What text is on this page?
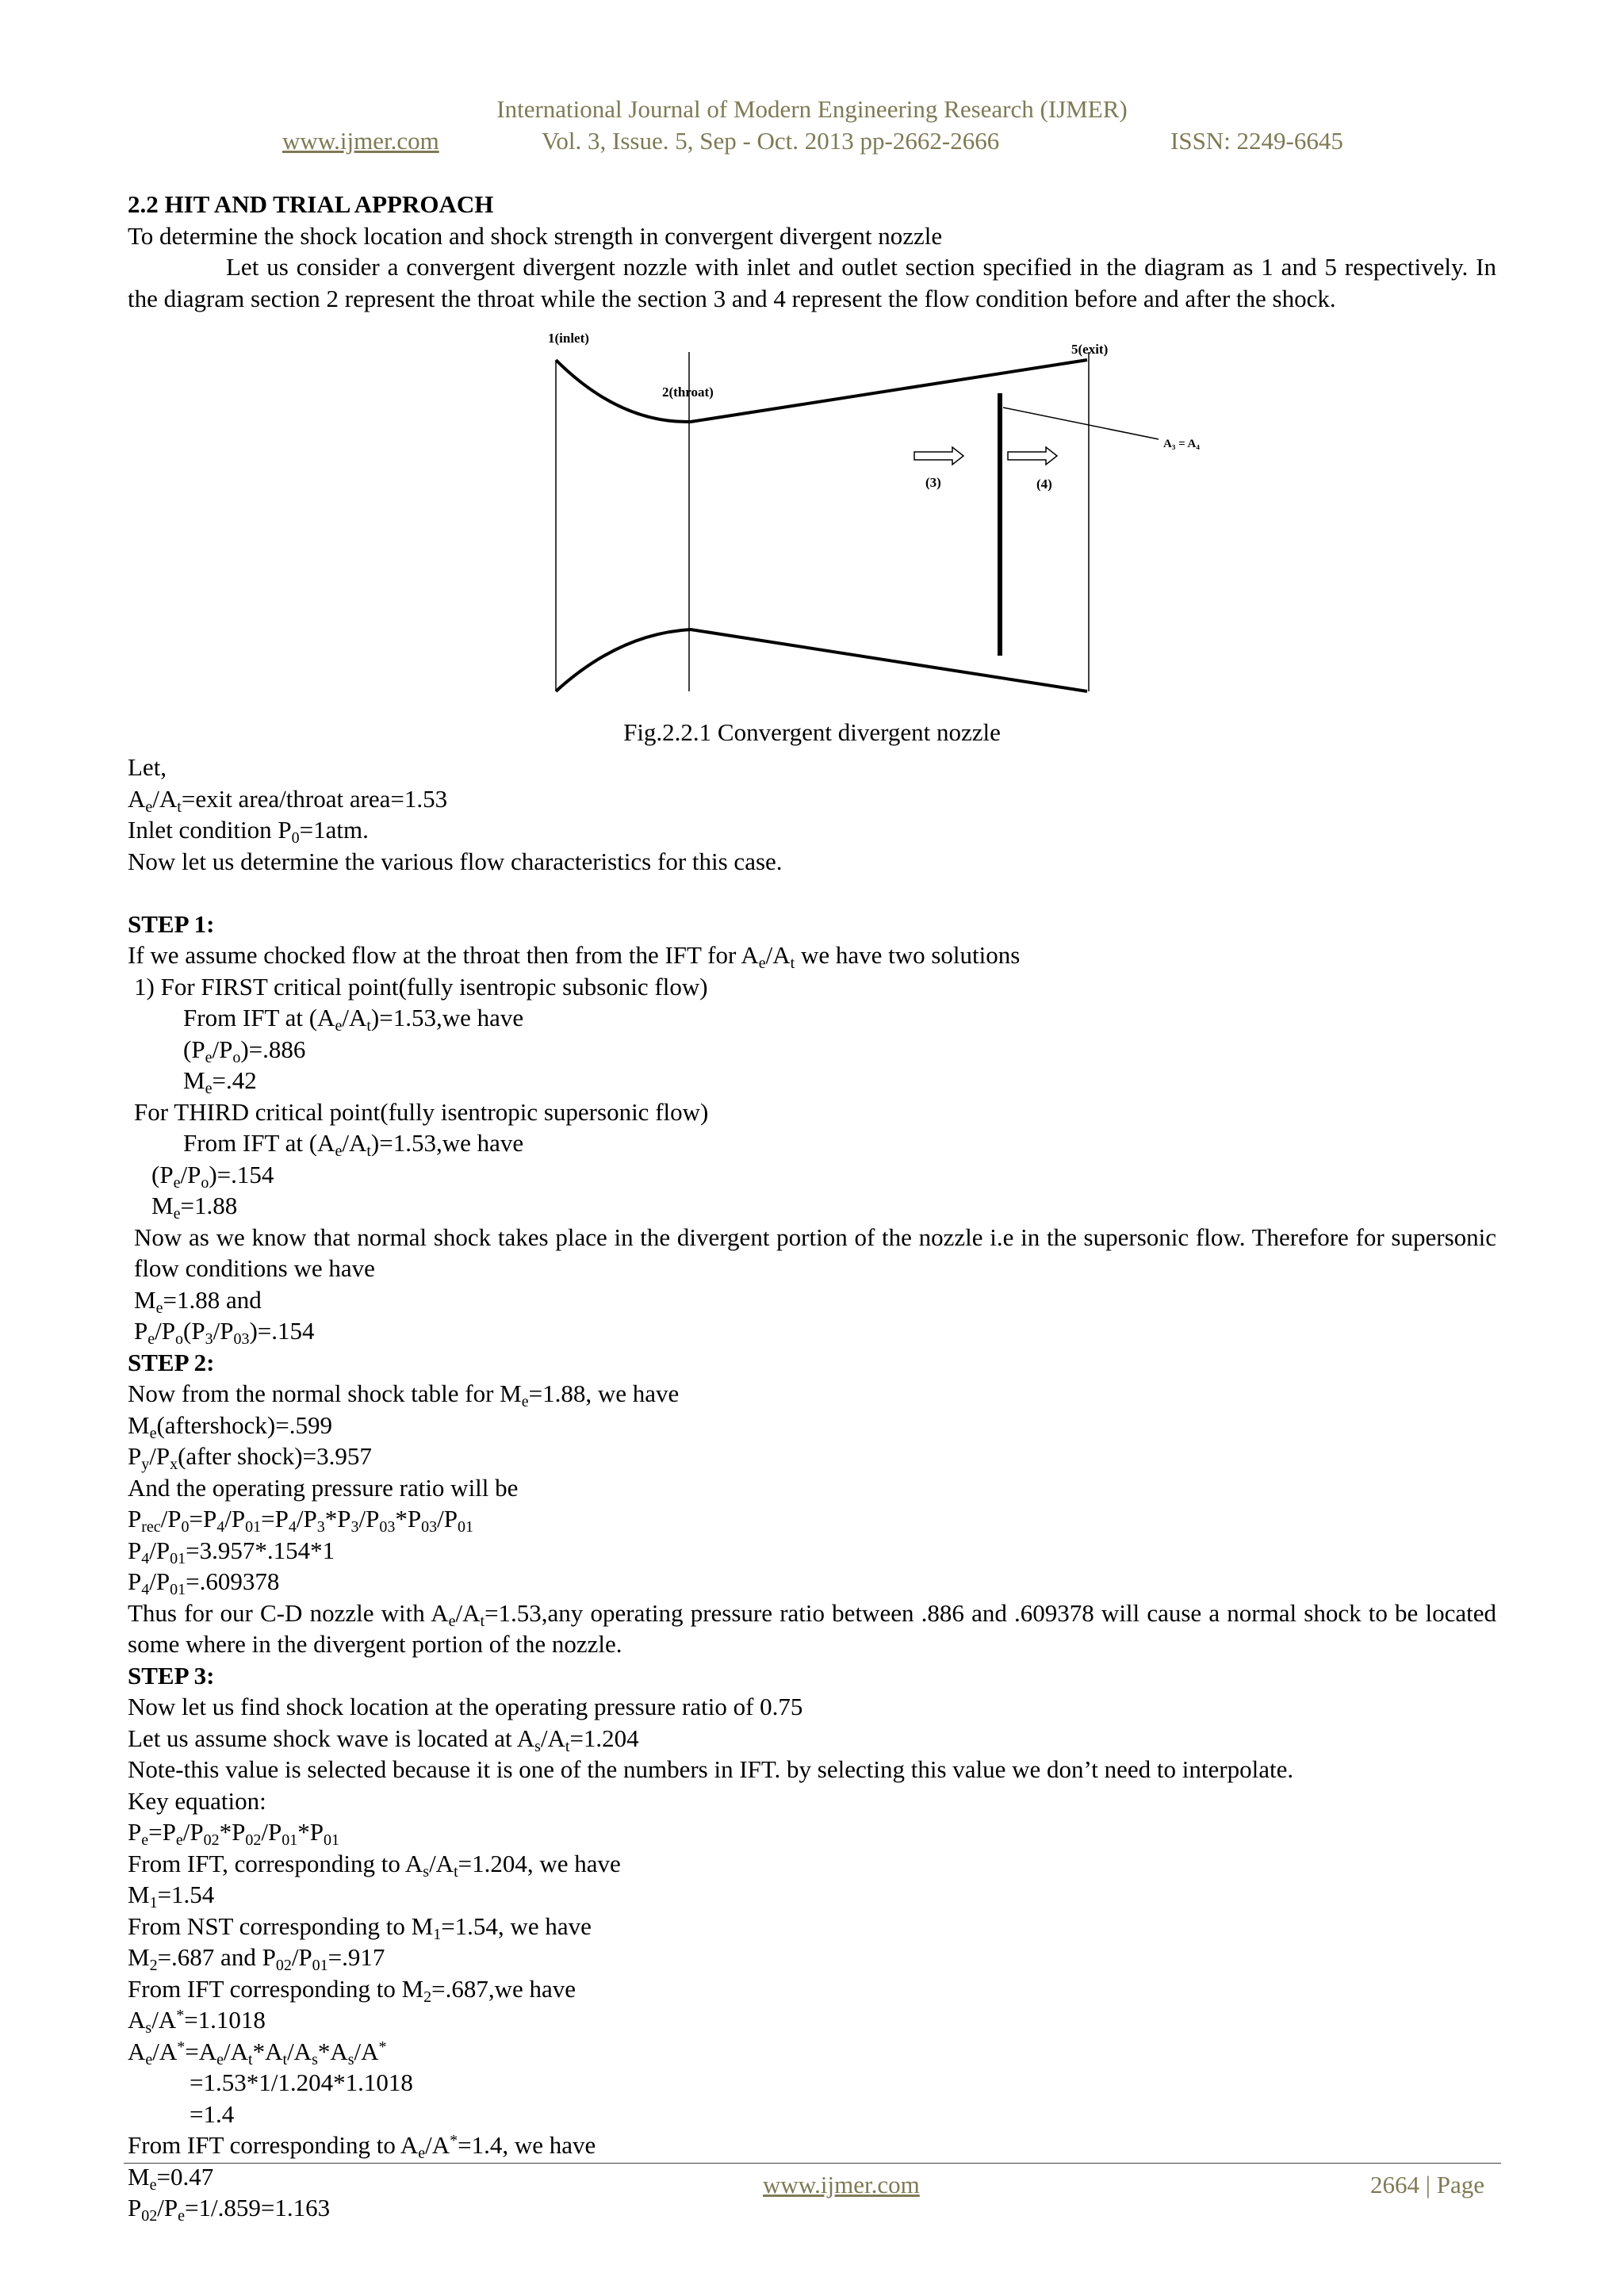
International Journal of Modern Engineering Research (IJMER)
www.ijmer.com	Vol. 3, Issue. 5, Sep - Oct. 2013 pp-2662-2666	ISSN: 2249-6645

2.2 HIT AND TRIAL APPROACH

To determine the shock location and shock strength in convergent divergent nozzle

Let us consider a convergent divergent nozzle with inlet and outlet section specified in the diagram as 1 and 5 respectively. In the diagram section 2 represent the throat while the section 3 and 4 represent the flow condition before and after the shock.

1(inlet)
2(throat)
5(exit)
A₃ = A₄
(3)	(4)
Fig.2.2.1 Convergent divergent nozzle

Let,

$A_e/A_t=exit$ area/throat area=1.53

Inlet condition $P_0=1atm$.

Now let us determine the various flow characteristics for this case.

STEP 1:

If we assume chocked flow at the throat then from the IFT for $A_e/A_t$ we have two solutions

1) For FIRST critical point(fully isentropic subsonic flow)

From IFT at $(A_e/A_t)=1.53,we$ have

$(P_e/P_o)=.886$

$M_e=.42$

For THIRD critical point(fully isentropic supersonic flow)

From IFT at $(A_e/A_t)=1.53,we$ have

$(P_e/P_o)=.154$

$M_e=1.88$

Now as we know that normal shock takes place in the divergent portion of the nozzle i.e in the supersonic flow. Therefore for supersonic flow conditions we have

$M_e=1.88$ and

$P_e/P_o(P_3/P_{03})=.154$

STEP 2:

Now from the normal shock table for $M_e=1.88$, we have

$M_e(aftershock)=.599$

$P_y/P_x(after$ shock)=3.957

And the operating pressure ratio will be

$P_{rec}/P_0=P_4/P_{01}=P_4/P_3*P_3/P_{03}*P_{03}/P_{01}$

$P_4/P_{01}=3.957*.154*1$

$P_4/P_{01}=.609378$

Thus for our C-D nozzle with $A_e/A_t=1.53,any$ operating pressure ratio between .886 and .609378 will cause a normal shock to be located some where in the divergent portion of the nozzle.

STEP 3:

Now let us find shock location at the operating pressure ratio of 0.75

Let us assume shock wave is located at $A_s/A_t=1.204$

Note-this value is selected because it is one of the numbers in IFT. by selecting this value we don’t need to interpolate.

Key equation:

$P_e=P_e/P_{02}*P_{02}/P_{01}*P_{01}$

From IFT, corresponding to $A_s/A_t=1.204$, we have

$M_1=1.54$

From NST corresponding to $M_1=1.54$, we have

$M_2=.687$ and $P_{02}/P_{01}=.917$

From IFT corresponding to $M_2=.687,we$ have

$A_s/A^*=1.1018$

$A_e/A^*=A_e/A_t*A_t/A_s*A_s/A^*$

=1.53*1/1.204*1.1018

=1.4

From IFT corresponding to $A_e/A^*=1.4$, we have

$M_e=0.47$

$P_{02}/P_e=1/.859=1.163$

www.ijmer.com	2664 | Page
